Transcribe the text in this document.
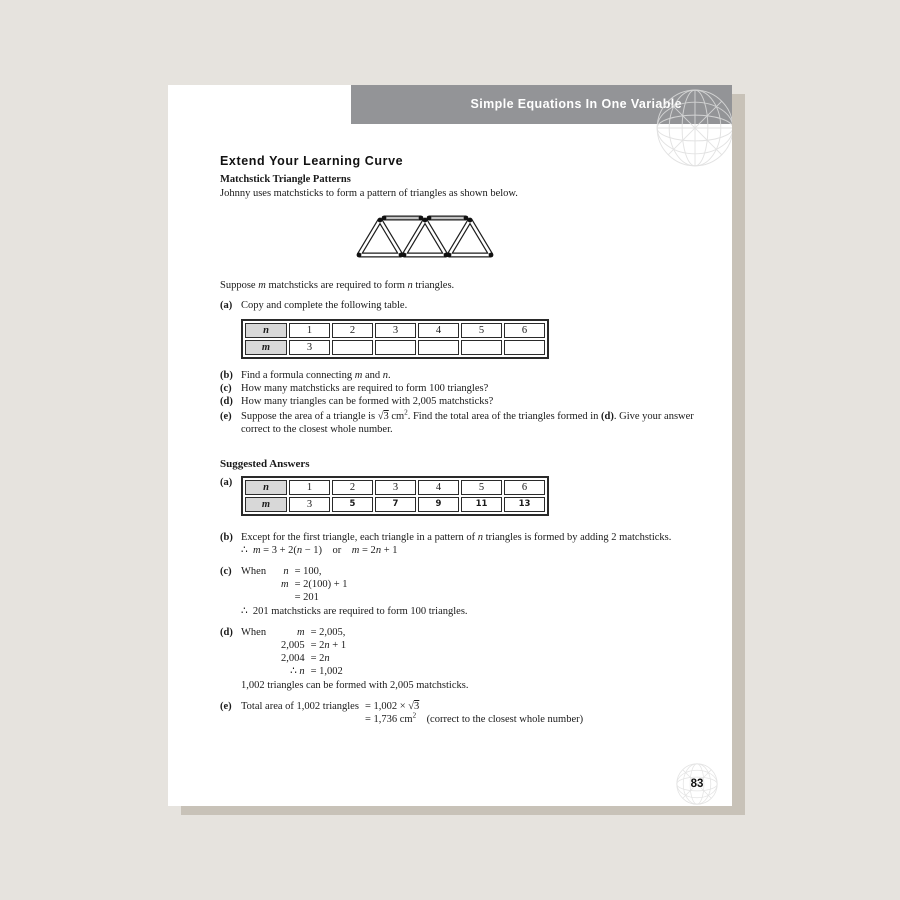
Simple Equations In One Variable
Extend Your Learning Curve
Matchstick Triangle Patterns
Johnny uses matchsticks to form a pattern of triangles as shown below.
Suppose m matchsticks are required to form n triangles.
(a) Copy and complete the following table.
n	1	2	3	4	5	6
m	3					
(b) Find a formula connecting m and n.
(c) How many matchsticks are required to form 100 triangles?
(d) How many triangles can be formed with 2,005 matchsticks?
(e) Suppose the area of a triangle is √3 $cm^2$. Find the total area of the triangles formed in (d). Give your answer correct to the closest whole number.
Suggested Answers
(a)	n	1	2	3	4	5	6
m	3	5	7	9	11	13
(b) Except for the first triangle, each triangle in a pattern of n triangles is formed by adding 2 matchsticks.
∴  m = 3 + 2(n − 1)    or    m = 2n + 1
(c) When	n = 100,
m = 2(100) + 1
= 201
∴  201 matchsticks are required to form 100 triangles.
(d) When	m = 2,005,
2,005 = 2n + 1
2,004 = 2n
∴ n = 1,002
1,002 triangles can be formed with 2,005 matchsticks.
(e) Total area of 1,002 triangles = 1,002 × √3
= 1,736 $cm^2$    (correct to the closest whole number)
83
